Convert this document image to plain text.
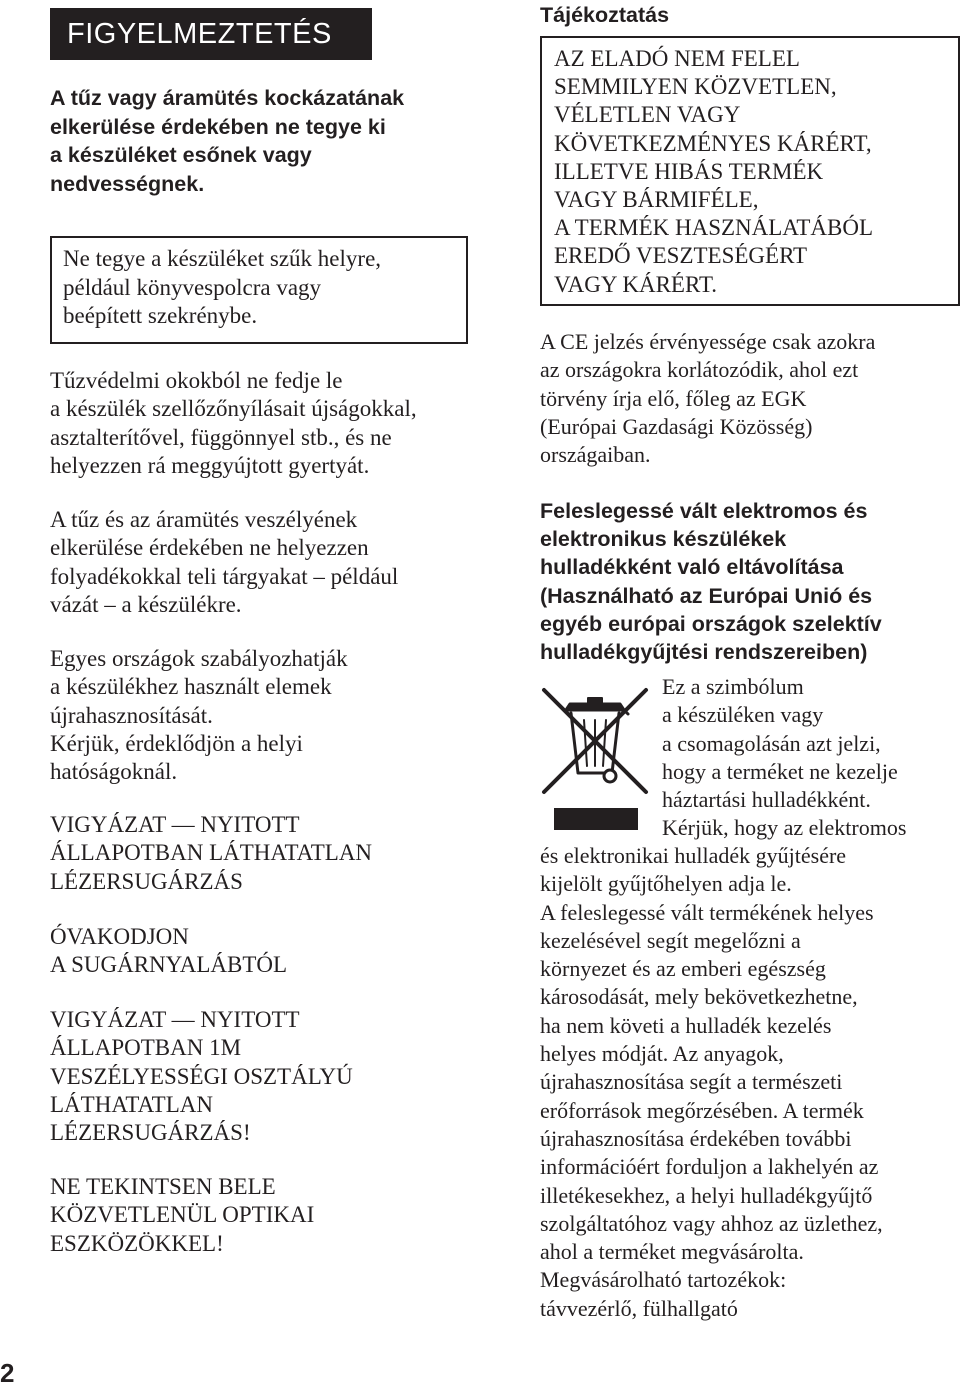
FIGYELMEZTETÉS
A tűz vagy áramütés kockázatának
elkerülése érdekében ne tegye ki
a készüléket esőnek vagy
nedvességnek.
Ne tegye a készüléket szűk helyre,
például könyvespolcra vagy
beépített szekrénybe.
Tűzvédelmi okokból ne fedje le
a készülék szellőzőnyílásait újságokkal,
asztalterítővel, függönnyel stb., és ne
helyezzen rá meggyújtott gyertyát.
A tűz és az áramütés veszélyének
elkerülése érdekében ne helyezzen
folyadékokkal teli tárgyakat – például
vázát – a készülékre.
Egyes országok szabályozhatják
a készülékhez használt elemek
újrahasznosítását.
Kérjük, érdeklődjön a helyi
hatóságoknál.
VIGYÁZAT — NYITOTT
ÁLLAPOTBAN LÁTHATATLAN
LÉZERSUGÁRZÁS
ÓVAKODJON
A SUGÁRNYALÁBTÓL
VIGYÁZAT — NYITOTT
ÁLLAPOTBAN 1M
VESZÉLYESSÉGI OSZTÁLYÚ
LÁTHATATLAN
LÉZERSUGÁRZÁS!
NE TEKINTSEN BELE
KÖZVETLENÜL OPTIKAI
ESZKÖZÖKKEL!
2
Tájékoztatás
AZ ELADÓ NEM FELEL
SEMMILYEN KÖZVETLEN,
VÉLETLEN VAGY
KÖVETKEZMÉNYES KÁRÉRT,
ILLETVE HIBÁS TERMÉK
VAGY BÁRMIFÉLE,
A TERMÉK HASZNÁLATÁBÓL
EREDŐ VESZTESÉGÉRT
VAGY KÁRÉRT.
A CE jelzés érvényessége csak azokra
az országokra korlátozódik, ahol ezt
törvény írja elő, főleg az EGK
(Európai Gazdasági Közösség)
országaiban.
Feleslegessé vált elektromos és
elektronikus készülékek
hulladékként való eltávolítása
(Használható az Európai Unió és
egyéb európai országok szelektív
hulladékgyűjtési rendszereiben)
Ez a szimbólum
a készüléken vagy
a csomagolásán azt jelzi,
hogy a terméket ne kezelje
háztartási hulladékként.
Kérjük, hogy az elektromos
és elektronikai hulladék gyűjtésére
kijelölt gyűjtőhelyen adja le.
A feleslegessé vált termékének helyes
kezelésével segít megelőzni a
környezet és az emberi egészség
károsodását, mely bekövetkezhetne,
ha nem követi a hulladék kezelés
helyes módját. Az anyagok,
újrahasznosítása segít a természeti
erőforrások megőrzésében. A termék
újrahasznosítása érdekében további
információért forduljon a lakhelyén az
illetékesekhez, a helyi hulladékgyűjtő
szolgáltatóhoz vagy ahhoz az üzlethez,
ahol a terméket megvásárolta.
Megvásárolható tartozékok:
távvezérlő, fülhallgató
